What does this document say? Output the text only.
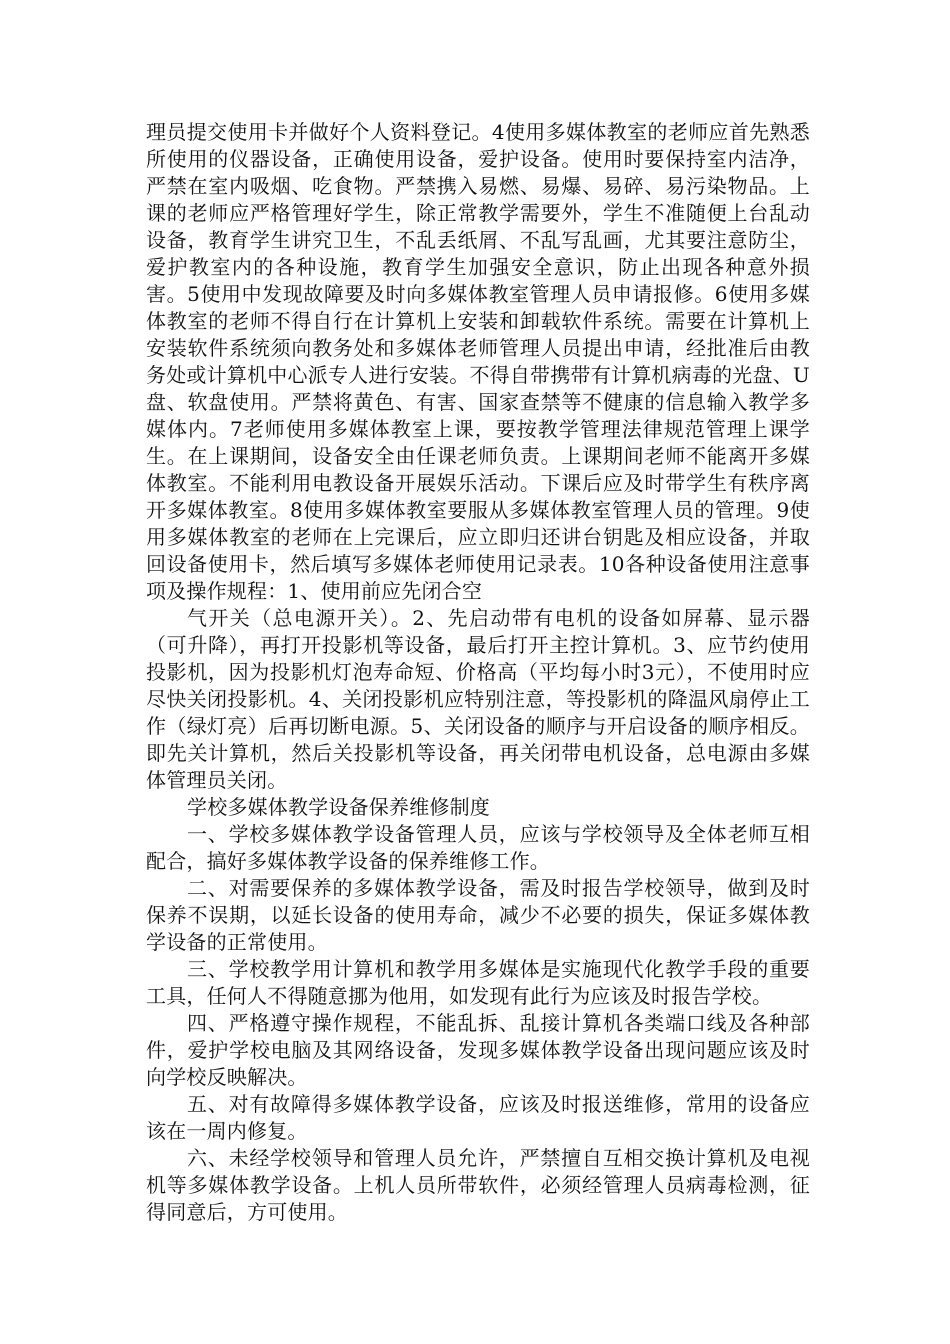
理员提交使用卡并做好个人资料登记。4使用多媒体教室的老师应首先熟悉所使用的仪器设备，正确使用设备，爱护设备。使用时要保持室内洁净，严禁在室内吸烟、吃食物。严禁携入易燃、易爆、易碎、易污染物品。上课的老师应严格管理好学生，除正常教学需要外，学生不准随便上台乱动设备，教育学生讲究卫生，不乱丢纸屑、不乱写乱画，尤其要注意防尘，爱护教室内的各种设施，教育学生加强安全意识，防止出现各种意外损害。5使用中发现故障要及时向多媒体教室管理人员申请报修。6使用多媒体教室的老师不得自行在计算机上安装和卸载软件系统。需要在计算机上安装软件系统须向教务处和多媒体老师管理人员提出申请，经批准后由教务处或计算机中心派专人进行安装。不得自带携带有计算机病毒的光盘、U盘、软盘使用。严禁将黄色、有害、国家查禁等不健康的信息输入教学多媒体内。7老师使用多媒体教室上课，要按教学管理法律规范管理上课学生。在上课期间，设备安全由任课老师负责。上课期间老师不能离开多媒体教室。不能利用电教设备开展娱乐活动。下课后应及时带学生有秩序离开多媒体教室。8使用多媒体教室要服从多媒体教室管理人员的管理。9使用多媒体教室的老师在上完课后，应立即归还讲台钥匙及相应设备，并取回设备使用卡，然后填写多媒体老师使用记录表。10各种设备使用注意事项及操作规程：1、使用前应先闭合空

气开关（总电源开关）。2、先启动带有电机的设备如屏幕、显示器（可升降），再打开投影机等设备，最后打开主控计算机。3、应节约使用投影机，因为投影机灯泡寿命短、价格高（平均每小时3元），不使用时应尽快关闭投影机。4、关闭投影机应特别注意，等投影机的降温风扇停止工作（绿灯亮）后再切断电源。5、关闭设备的顺序与开启设备的顺序相反。即先关计算机，然后关投影机等设备，再关闭带电机设备，总电源由多媒体管理员关闭。

学校多媒体教学设备保养维修制度

一、学校多媒体教学设备管理人员，应该与学校领导及全体老师互相配合，搞好多媒体教学设备的保养维修工作。

二、对需要保养的多媒体教学设备，需及时报告学校领导，做到及时保养不误期，以延长设备的使用寿命，减少不必要的损失，保证多媒体教学设备的正常使用。

三、学校教学用计算机和教学用多媒体是实施现代化教学手段的重要工具，任何人不得随意挪为他用，如发现有此行为应该及时报告学校。

四、严格遵守操作规程，不能乱拆、乱接计算机各类端口线及各种部件，爱护学校电脑及其网络设备，发现多媒体教学设备出现问题应该及时向学校反映解决。

五、对有故障得多媒体教学设备，应该及时报送维修，常用的设备应该在一周内修复。

六、未经学校领导和管理人员允许，严禁擅自互相交换计算机及电视机等多媒体教学设备。上机人员所带软件，必须经管理人员病毒检测，征得同意后，方可使用。
